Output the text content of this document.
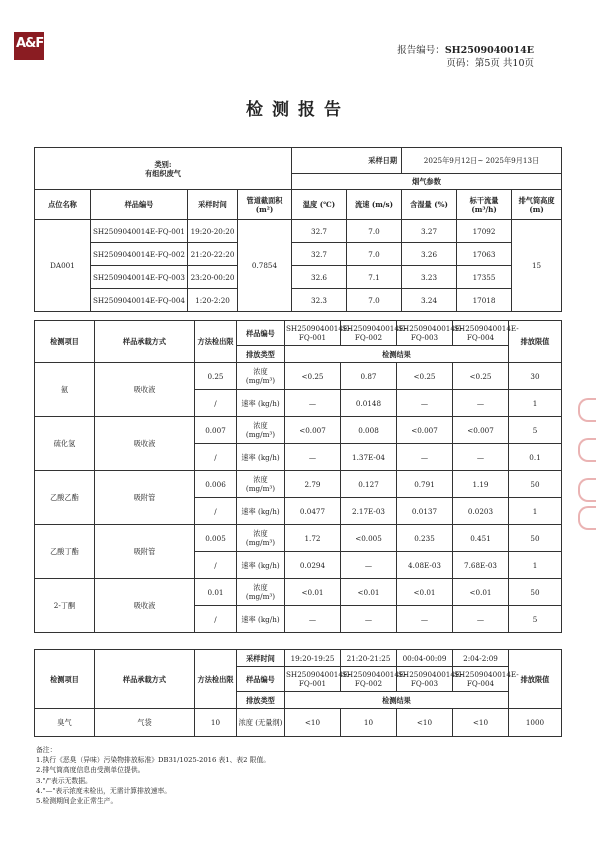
A&F	报告编号：SH2509040014E
页码：第5页 共10页
检测报告
类别:
有组织废气				采样日期		2025年9月12日~ 2025年9月13日		
				烟气参数				
点位名称	样品编号	采样时间	管道截面积 (m²)	温度 (℃)	流速 (m/s)	含湿量 (%)	标干流量 (m³/h)	排气筒高度 (m)
DA001	SH2509040014E-FQ-001	19:20-20:20	0.7854	32.7	7.0	3.27	17092	15
	SH2509040014E-FQ-002	21:20-22:20		32.7	7.0	3.26	17063	
	SH2509040014E-FQ-003	23:20-00:20		32.6	7.1	3.23	17355	
	SH2509040014E-FQ-004	1:20-2:20		32.3	7.0	3.24	17018	
检测项目	样品承载方式	方法检出限	样品编号	SH2509040014E-FQ-001	SH2509040014E-FQ-002	SH2509040014E-FQ-003	SH2509040014E-FQ-004	排放限值
			排放类型	检测结果				
氨	吸收液	0.25	浓度 (mg/m³)	<0.25	0.87	<0.25	<0.25	30
		/	速率 (kg/h)	—	0.0148	—	—	1
硫化氢	吸收液	0.007	浓度 (mg/m³)	<0.007	0.008	<0.007	<0.007	5
		/	速率 (kg/h)	—	1.37E-04	—	—	0.1
乙酸乙酯	吸附管	0.006	浓度 (mg/m³)	2.79	0.127	0.791	1.19	50
		/	速率 (kg/h)	0.0477	2.17E-03	0.0137	0.0203	1
乙酸丁酯	吸附管	0.005	浓度 (mg/m³)	1.72	<0.005	0.235	0.451	50
		/	速率 (kg/h)	0.0294	—	4.08E-03	7.68E-03	1
2-丁酮	吸收液	0.01	浓度 (mg/m³)	<0.01	<0.01	<0.01	<0.01	50
		/	速率 (kg/h)	—	—	—	—	5
检测项目	样品承载方式	方法检出限	采样时间	19:20-19:25	21:20-21:25	00:04-00:09	2:04-2:09	排放限值
			样品编号	SH2509040014E-FQ-001	SH2509040014E-FQ-002	SH2509040014E-FQ-003	SH2509040014E-FQ-004	
			排放类型	检测结果				
臭气	气袋	10	浓度 (无量纲)	<10	10	<10	<10	1000
备注：
1.执行《恶臭（异味）污染物排放标准》DB31/1025-2016 表1、表2 限值。
2.排气筒高度信息由受测单位提供。
3."/"表示无数据。
4."—"表示浓度未检出，无需计算排放速率。
5.检测期间企业正常生产。
